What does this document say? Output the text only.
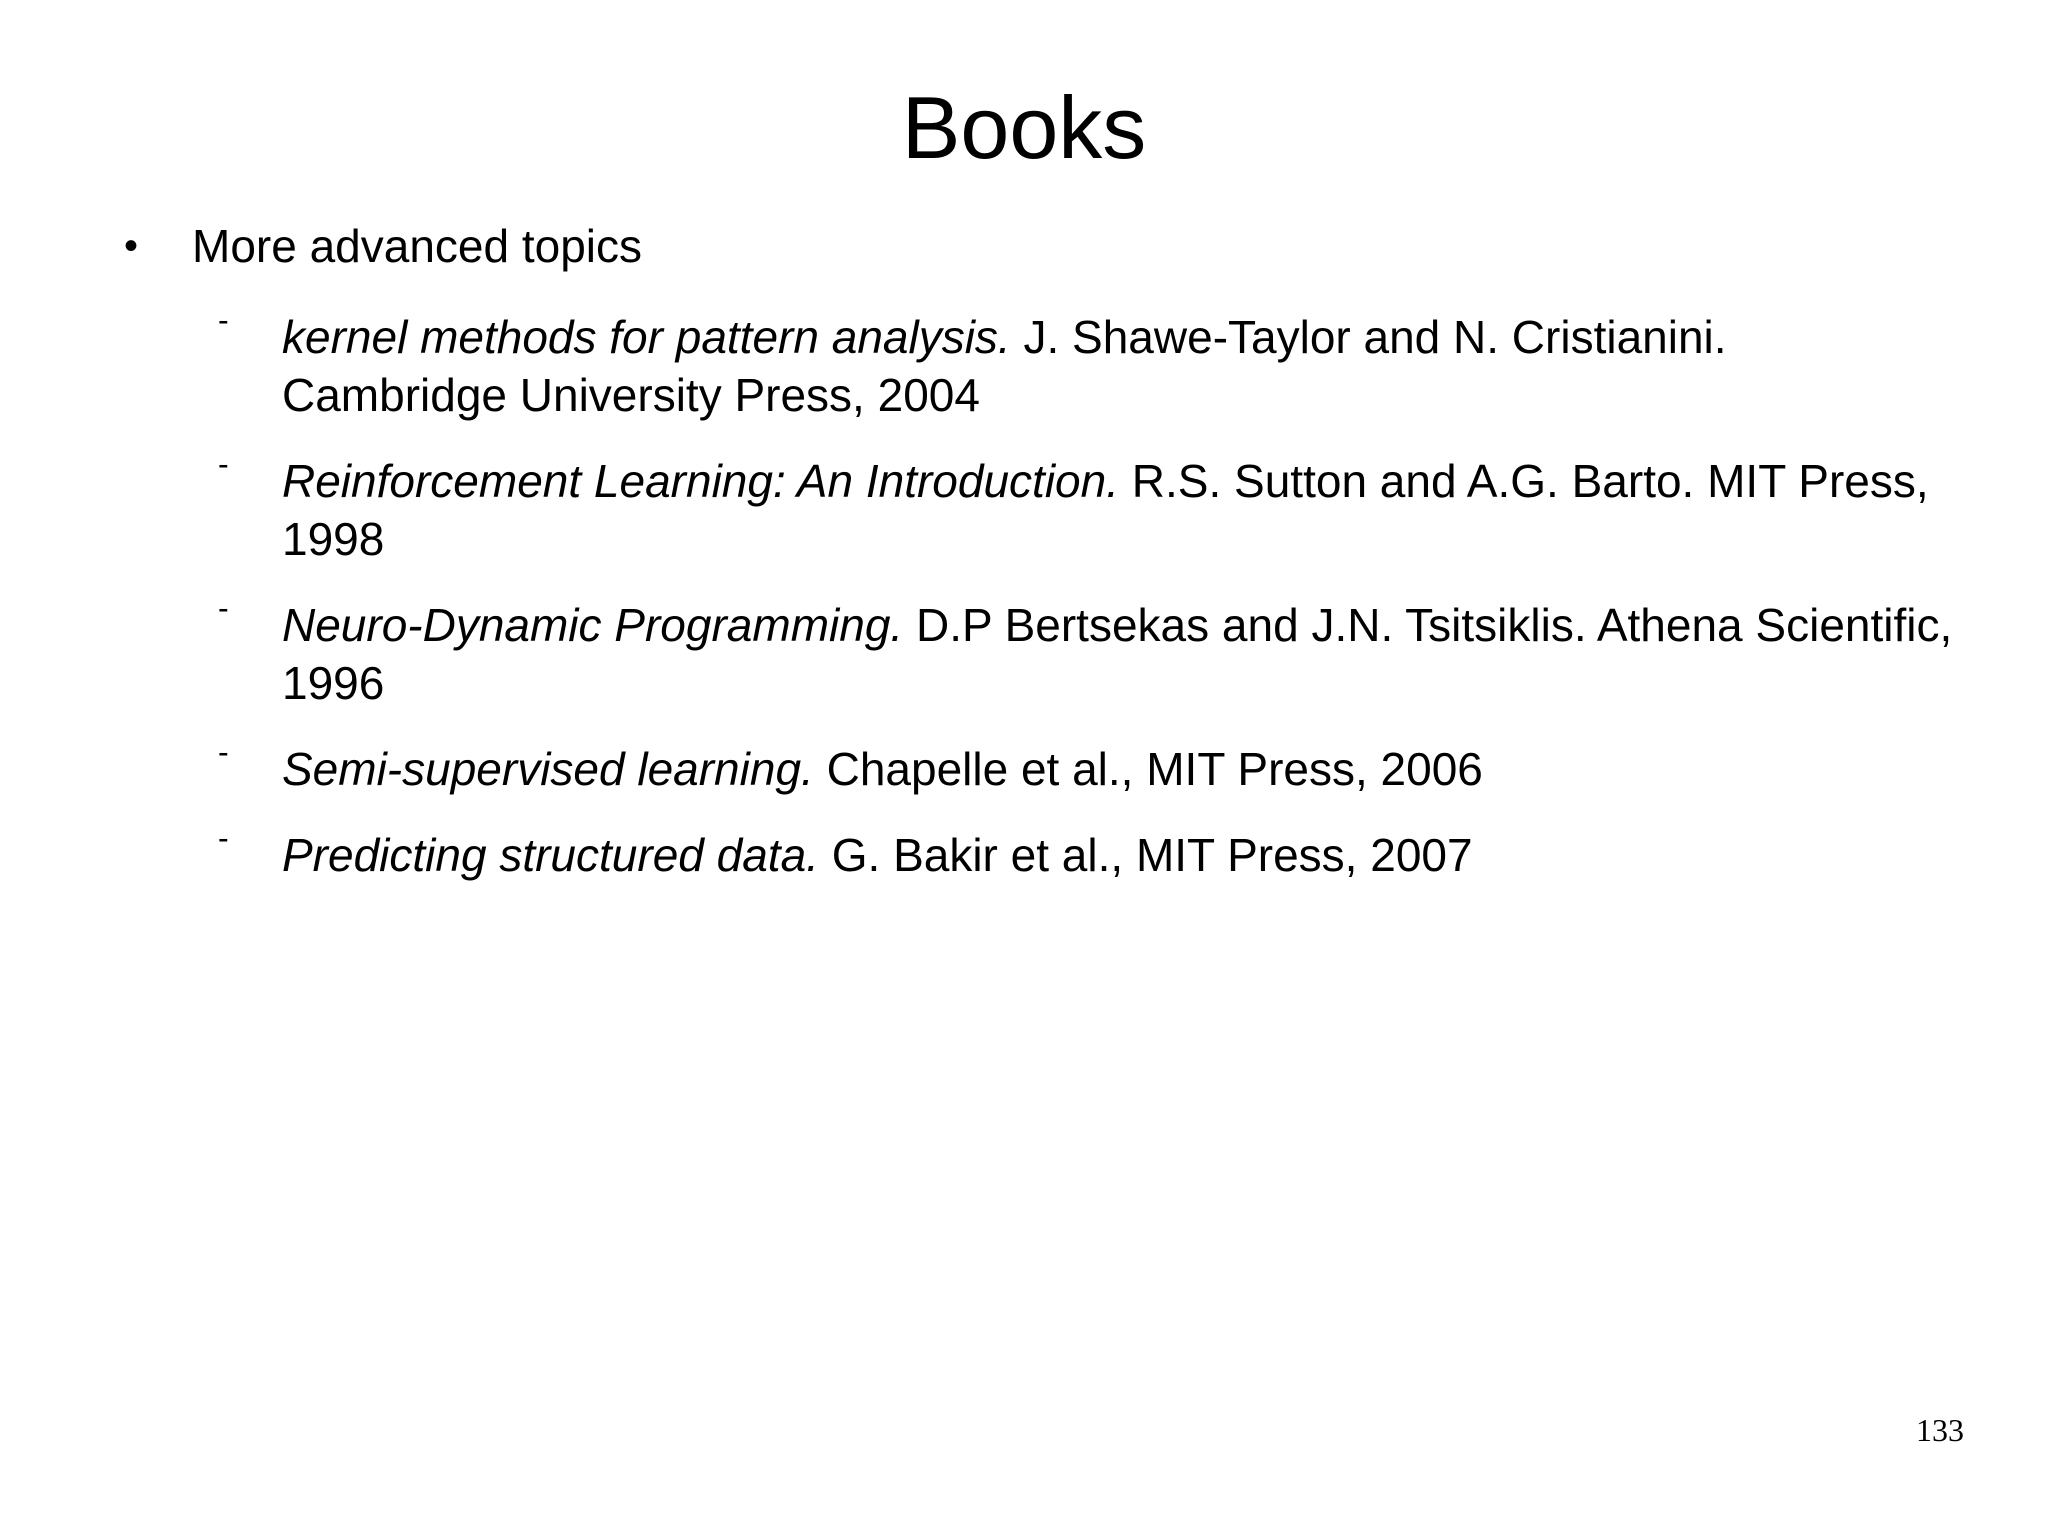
Books
•	More advanced topics
- kernel methods for pattern analysis. J. Shawe-Taylor and N. Cristianini. Cambridge University Press, 2004
- Reinforcement Learning: An Introduction. R.S. Sutton and A.G. Barto. MIT Press, 1998
- Neuro-Dynamic Programming. D.P Bertsekas and J.N. Tsitsiklis. Athena Scientific, 1996
- Semi-supervised learning. Chapelle et al., MIT Press, 2006
- Predicting structured data. G. Bakir et al., MIT Press, 2007
133
